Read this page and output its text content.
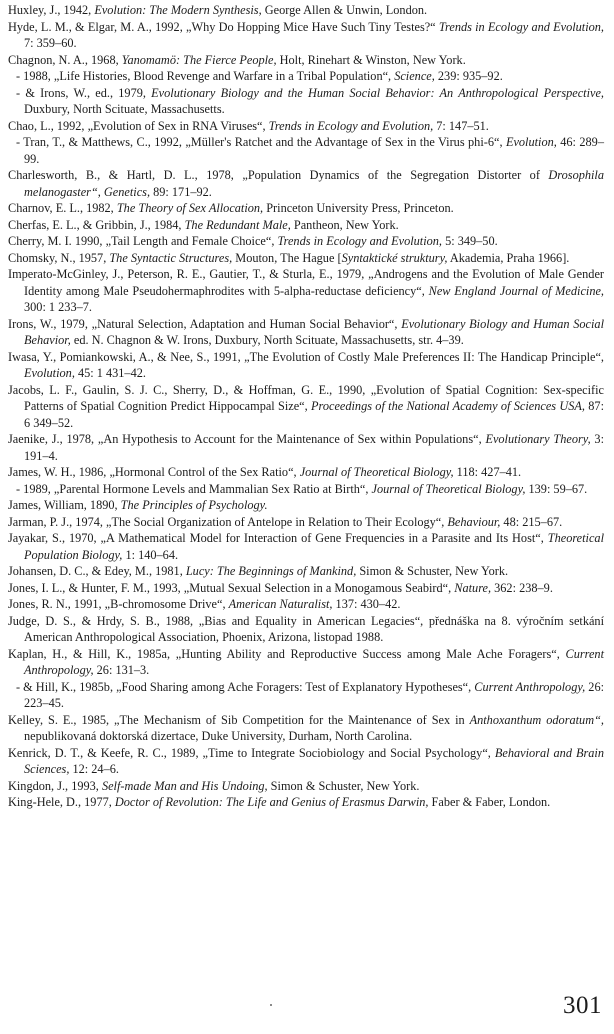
Huxley, J., 1942, Evolution: The Modern Synthesis, George Allen & Unwin, London.

Hyde, L. M., & Elgar, M. A., 1992, „Why Do Hopping Mice Have Such Tiny Testes?“ Trends in Ecology and Evolution, 7: 359–60.

Chagnon, N. A., 1968, Yanomamö: The Fierce People, Holt, Rinehart & Winston, New York.

- 1988, „Life Histories, Blood Revenge and Warfare in a Tribal Population“, Science, 239: 935–92.

- & Irons, W., ed., 1979, Evolutionary Biology and the Human Social Behavior: An Anthropological Perspective, Duxbury, North Scituate, Massachusetts.

Chao, L., 1992, „Evolution of Sex in RNA Viruses“, Trends in Ecology and Evolution, 7: 147–51.

- Tran, T., & Matthews, C., 1992, „Müller's Ratchet and the Advantage of Sex in the Virus phi-6“, Evolution, 46: 289–99.

Charlesworth, B., & Hartl, D. L., 1978, „Population Dynamics of the Segregation Distorter of Drosophila melanogaster“, Genetics, 89: 171–92.

Charnov, E. L., 1982, The Theory of Sex Allocation, Princeton University Press, Princeton.

Cherfas, E. L., & Gribbin, J., 1984, The Redundant Male, Pantheon, New York.

Cherry, M. I. 1990, „Tail Length and Female Choice“, Trends in Ecology and Evolution, 5: 349–50.

Chomsky, N., 1957, The Syntactic Structures, Mouton, The Hague [Syntaktické struktury, Akademia, Praha 1966].

Imperato-McGinley, J., Peterson, R. E., Gautier, T., & Sturla, E., 1979, „Androgens and the Evolution of Male Gender Identity among Male Pseudohermaphrodites with 5-alpha-reductase deficiency“, New England Journal of Medicine, 300: 1 233–7.

Irons, W., 1979, „Natural Selection, Adaptation and Human Social Behavior“, Evolutionary Biology and Human Social Behavior, ed. N. Chagnon & W. Irons, Duxbury, North Scituate, Massachusetts, str. 4–39.

Iwasa, Y., Pomiankowski, A., & Nee, S., 1991, „The Evolution of Costly Male Preferences II: The Handicap Principle“, Evolution, 45: 1 431–42.

Jacobs, L. F., Gaulin, S. J. C., Sherry, D., & Hoffman, G. E., 1990, „Evolution of Spatial Cognition: Sex-specific Patterns of Spatial Cognition Predict Hippocampal Size“, Proceedings of the National Academy of Sciences USA, 87: 6 349–52.

Jaenike, J., 1978, „An Hypothesis to Account for the Maintenance of Sex within Populations“, Evolutionary Theory, 3: 191–4.

James, W. H., 1986, „Hormonal Control of the Sex Ratio“, Journal of Theoretical Biology, 118: 427–41.

- 1989, „Parental Hormone Levels and Mammalian Sex Ratio at Birth“, Journal of Theoretical Biology, 139: 59–67.

James, William, 1890, The Principles of Psychology.

Jarman, P. J., 1974, „The Social Organization of Antelope in Relation to Their Ecology“, Behaviour, 48: 215–67.

Jayakar, S., 1970, „A Mathematical Model for Interaction of Gene Frequencies in a Parasite and Its Host“, Theoretical Population Biology, 1: 140–64.

Johansen, D. C., & Edey, M., 1981, Lucy: The Beginnings of Mankind, Simon & Schuster, New York.

Jones, I. L., & Hunter, F. M., 1993, „Mutual Sexual Selection in a Monogamous Seabird“, Nature, 362: 238–9.

Jones, R. N., 1991, „B-chromosome Drive“, American Naturalist, 137: 430–42.

Judge, D. S., & Hrdy, S. B., 1988, „Bias and Equality in American Legacies“, přednáška na 8. výročním setkání American Anthropological Association, Phoenix, Arizona, listopad 1988.

Kaplan, H., & Hill, K., 1985a, „Hunting Ability and Reproductive Success among Male Ache Foragers“, Current Anthropology, 26: 131–3.

- & Hill, K., 1985b, „Food Sharing among Ache Foragers: Test of Explanatory Hypotheses“, Current Anthropology, 26: 223–45.

Kelley, S. E., 1985, „The Mechanism of Sib Competition for the Maintenance of Sex in Anthoxanthum odoratum“, nepublikovaná doktorská dizertace, Duke University, Durham, North Carolina.

Kenrick, D. T., & Keefe, R. C., 1989, „Time to Integrate Sociobiology and Social Psychology“, Behavioral and Brain Sciences, 12: 24–6.

Kingdon, J., 1993, Self-made Man and His Undoing, Simon & Schuster, New York.

King-Hele, D., 1977, Doctor of Revolution: The Life and Genius of Erasmus Darwin, Faber & Faber, London.

301
